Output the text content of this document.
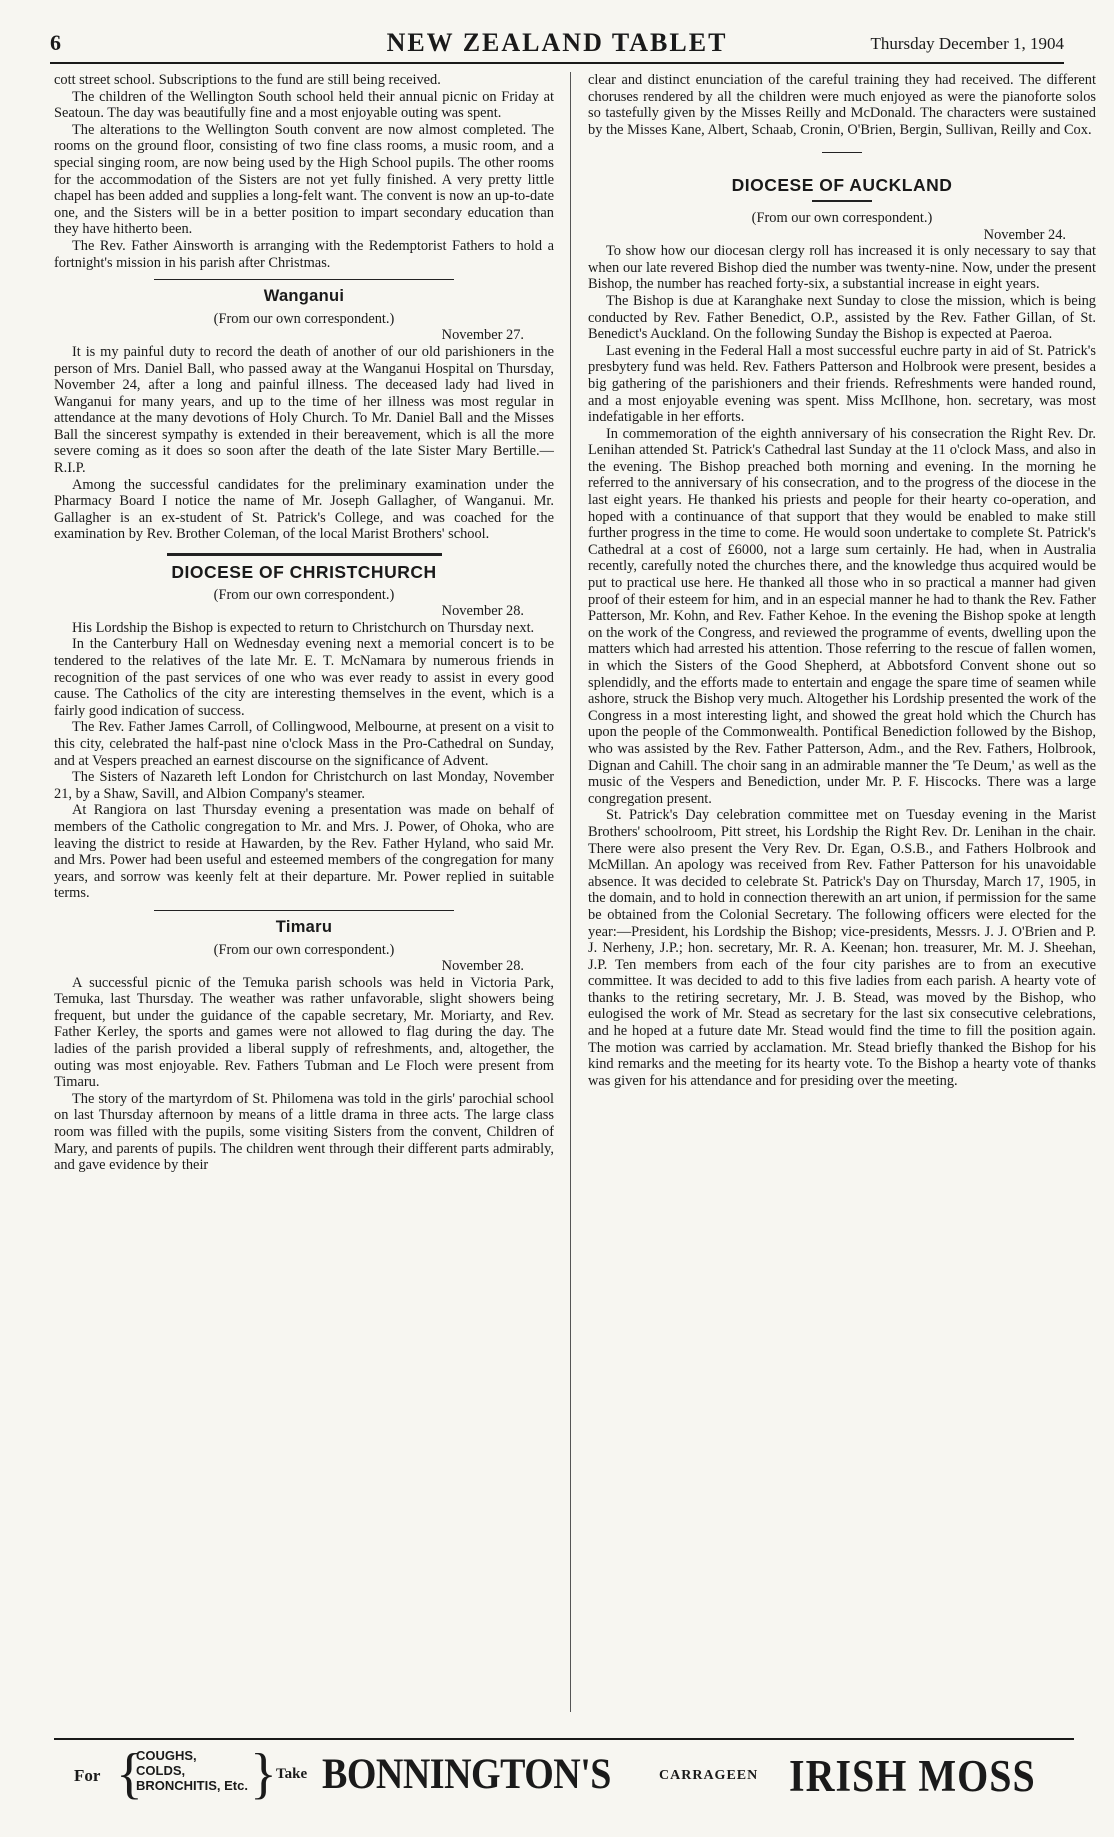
6	NEW ZEALAND TABLET	Thursday December 1, 1904

cott street school. Subscriptions to the fund are still being received.

The children of the Wellington South school held their annual picnic on Friday at Seatoun. The day was beautifully fine and a most enjoyable outing was spent.

The alterations to the Wellington South convent are now almost completed. The rooms on the ground floor, consisting of two fine class rooms, a music room, and a special singing room, are now being used by the High School pupils. The other rooms for the accommodation of the Sisters are not yet fully finished. A very pretty little chapel has been added and supplies a long-felt want. The convent is now an up-to-date one, and the Sisters will be in a better position to impart secondary education than they have hitherto been.

The Rev. Father Ainsworth is arranging with the Redemptorist Fathers to hold a fortnight's mission in his parish after Christmas.

Wanganui
(From our own correspondent.)
November 27.

It is my painful duty to record the death of another of our old parishioners in the person of Mrs. Daniel Ball, who passed away at the Wanganui Hospital on Thursday, November 24, after a long and painful illness. The deceased lady had lived in Wanganui for many years, and up to the time of her illness was most regular in attendance at the many devotions of Holy Church. To Mr. Daniel Ball and the Misses Ball the sincerest sympathy is extended in their bereavement, which is all the more severe coming as it does so soon after the death of the late Sister Mary Bertille.—R.I.P.

Among the successful candidates for the preliminary examination under the Pharmacy Board I notice the name of Mr. Joseph Gallagher, of Wanganui. Mr. Gallagher is an ex-student of St. Patrick's College, and was coached for the examination by Rev. Brother Coleman, of the local Marist Brothers' school.

DIOCESE OF CHRISTCHURCH
(From our own correspondent.)
November 28.

His Lordship the Bishop is expected to return to Christchurch on Thursday next.

In the Canterbury Hall on Wednesday evening next a memorial concert is to be tendered to the relatives of the late Mr. E. T. McNamara by numerous friends in recognition of the past services of one who was ever ready to assist in every good cause. The Catholics of the city are interesting themselves in the event, which is a fairly good indication of success.

The Rev. Father James Carroll, of Collingwood, Melbourne, at present on a visit to this city, celebrated the half-past nine o'clock Mass in the Pro-Cathedral on Sunday, and at Vespers preached an earnest discourse on the significance of Advent.

The Sisters of Nazareth left London for Christchurch on last Monday, November 21, by a Shaw, Savill, and Albion Company's steamer.

At Rangiora on last Thursday evening a presentation was made on behalf of members of the Catholic congregation to Mr. and Mrs. J. Power, of Ohoka, who are leaving the district to reside at Hawarden, by the Rev. Father Hyland, who said Mr. and Mrs. Power had been useful and esteemed members of the congregation for many years, and sorrow was keenly felt at their departure. Mr. Power replied in suitable terms.

Timaru
(From our own correspondent.)
November 28.

A successful picnic of the Temuka parish schools was held in Victoria Park, Temuka, last Thursday. The weather was rather unfavorable, slight showers being frequent, but under the guidance of the capable secretary, Mr. Moriarty, and Rev. Father Kerley, the sports and games were not allowed to flag during the day. The ladies of the parish provided a liberal supply of refreshments, and, altogether, the outing was most enjoyable. Rev. Fathers Tubman and Le Floch were present from Timaru.

The story of the martyrdom of St. Philomena was told in the girls' parochial school on last Thursday afternoon by means of a little drama in three acts. The large class room was filled with the pupils, some visiting Sisters from the convent, Children of Mary, and parents of pupils. The children went through their different parts admirably, and gave evidence by their

clear and distinct enunciation of the careful training they had received. The different choruses rendered by all the children were much enjoyed as were the pianoforte solos so tastefully given by the Misses Reilly and McDonald. The characters were sustained by the Misses Kane, Albert, Schaab, Cronin, O'Brien, Bergin, Sullivan, Reilly and Cox.

DIOCESE OF AUCKLAND
(From our own correspondent.)
November 24.

To show how our diocesan clergy roll has increased it is only necessary to say that when our late revered Bishop died the number was twenty-nine. Now, under the present Bishop, the number has reached forty-six, a substantial increase in eight years.

The Bishop is due at Karanghake next Sunday to close the mission, which is being conducted by Rev. Father Benedict, O.P., assisted by the Rev. Father Gillan, of St. Benedict's Auckland. On the following Sunday the Bishop is expected at Paeroa.

Last evening in the Federal Hall a most successful euchre party in aid of St. Patrick's presbytery fund was held. Rev. Fathers Patterson and Holbrook were present, besides a big gathering of the parishioners and their friends. Refreshments were handed round, and a most enjoyable evening was spent. Miss McIlhone, hon. secretary, was most indefatigable in her efforts.

In commemoration of the eighth anniversary of his consecration the Right Rev. Dr. Lenihan attended St. Patrick's Cathedral last Sunday at the 11 o'clock Mass, and also in the evening. The Bishop preached both morning and evening. In the morning he referred to the anniversary of his consecration, and to the progress of the diocese in the last eight years. He thanked his priests and people for their hearty co-operation, and hoped with a continuance of that support that they would be enabled to make still further progress in the time to come. He would soon undertake to complete St. Patrick's Cathedral at a cost of £6000, not a large sum certainly. He had, when in Australia recently, carefully noted the churches there, and the knowledge thus acquired would be put to practical use here. He thanked all those who in so practical a manner had given proof of their esteem for him, and in an especial manner he had to thank the Rev. Father Patterson, Mr. Kohn, and Rev. Father Kehoe. In the evening the Bishop spoke at length on the work of the Congress, and reviewed the programme of events, dwelling upon the matters which had arrested his attention. Those referring to the rescue of fallen women, in which the Sisters of the Good Shepherd, at Abbotsford Convent shone out so splendidly, and the efforts made to entertain and engage the spare time of seamen while ashore, struck the Bishop very much. Altogether his Lordship presented the work of the Congress in a most interesting light, and showed the great hold which the Church has upon the people of the Commonwealth. Pontifical Benediction followed by the Bishop, who was assisted by the Rev. Father Patterson, Adm., and the Rev. Fathers, Holbrook, Dignan and Cahill. The choir sang in an admirable manner the 'Te Deum,' as well as the music of the Vespers and Benediction, under Mr. P. F. Hiscocks. There was a large congregation present.

St. Patrick's Day celebration committee met on Tuesday evening in the Marist Brothers' schoolroom, Pitt street, his Lordship the Right Rev. Dr. Lenihan in the chair. There were also present the Very Rev. Dr. Egan, O.S.B., and Fathers Holbrook and McMillan. An apology was received from Rev. Father Patterson for his unavoidable absence. It was decided to celebrate St. Patrick's Day on Thursday, March 17, 1905, in the domain, and to hold in connection therewith an art union, if permission for the same be obtained from the Colonial Secretary. The following officers were elected for the year:—President, his Lordship the Bishop; vice-presidents, Messrs. J. J. O'Brien and P. J. Nerheny, J.P.; hon. secretary, Mr. R. A. Keenan; hon. treasurer, Mr. M. J. Sheehan, J.P. Ten members from each of the four city parishes are to from an executive committee. It was decided to add to this five ladies from each parish. A hearty vote of thanks to the retiring secretary, Mr. J. B. Stead, was moved by the Bishop, who eulogised the work of Mr. Stead as secretary for the last six consecutive celebrations, and he hoped at a future date Mr. Stead would find the time to fill the position again. The motion was carried by acclamation. Mr. Stead briefly thanked the Bishop for his kind remarks and the meeting for its hearty vote. To the Bishop a hearty vote of thanks was given for his attendance and for presiding over the meeting.

For {
COUGHS,
COLDS,
BRONCHITIS, Etc. } Take BONNINGTON'S	CARRAGEEN IRISH MOSS
